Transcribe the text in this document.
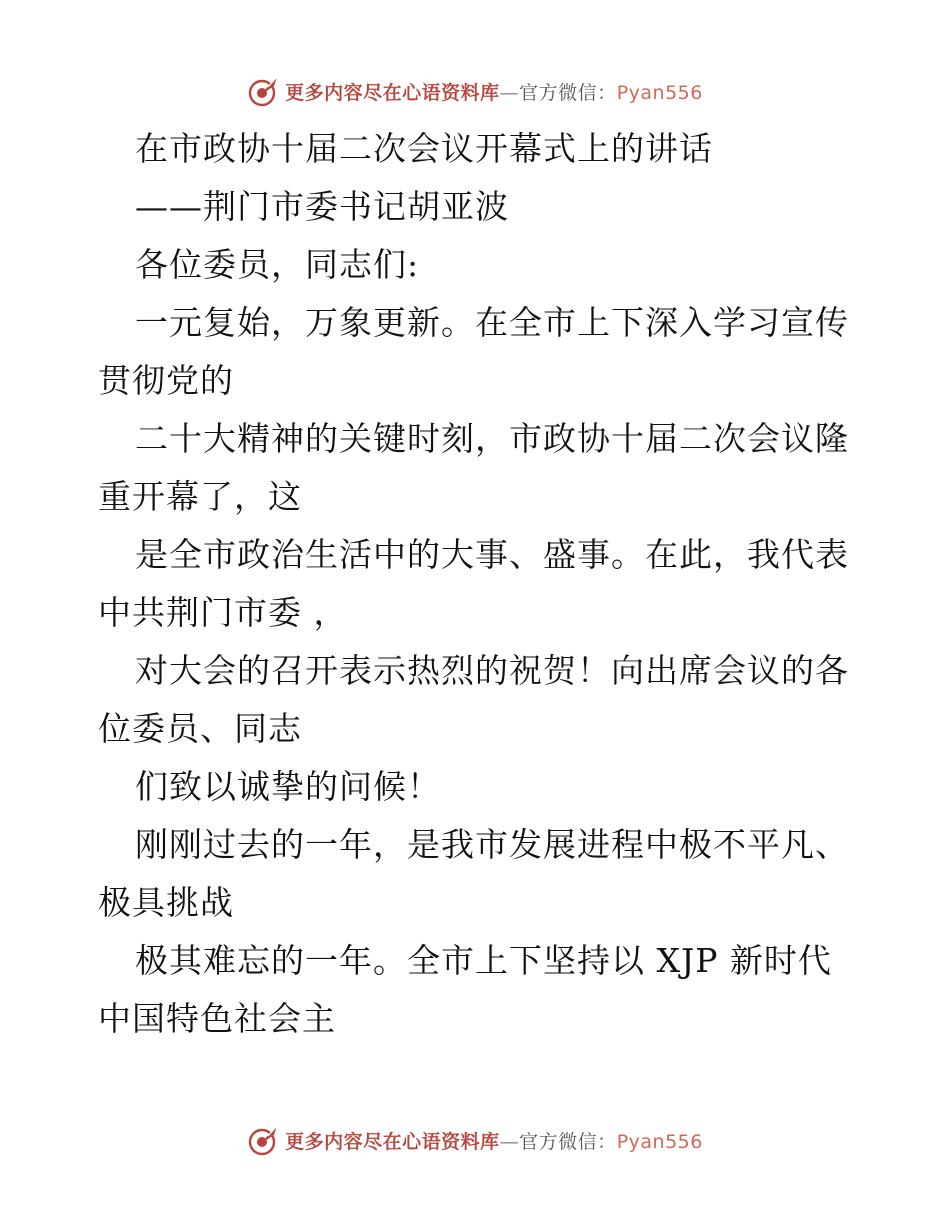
更多内容尽在心语资料库—官方微信：Pyan556
在市政协十届二次会议开幕式上的讲话
——荆门市委书记胡亚波
各位委员，同志们:
一元复始，万象更新。在全市上下深入学习宣传
贯彻党的
二十大精神的关键时刻，市政协十届二次会议隆
重开幕了，这
是全市政治生活中的大事、盛事。在此，我代表
中共荆门市委 ，
对大会的召开表示热烈的祝贺！向出席会议的各
位委员、同志
们致以诚挚的问候！
刚刚过去的一年，是我市发展进程中极不平凡、
极具挑战
极其难忘的一年。全市上下坚持以 XJP 新时代
中国特色社会主
更多内容尽在心语资料库—官方微信：Pyan556
